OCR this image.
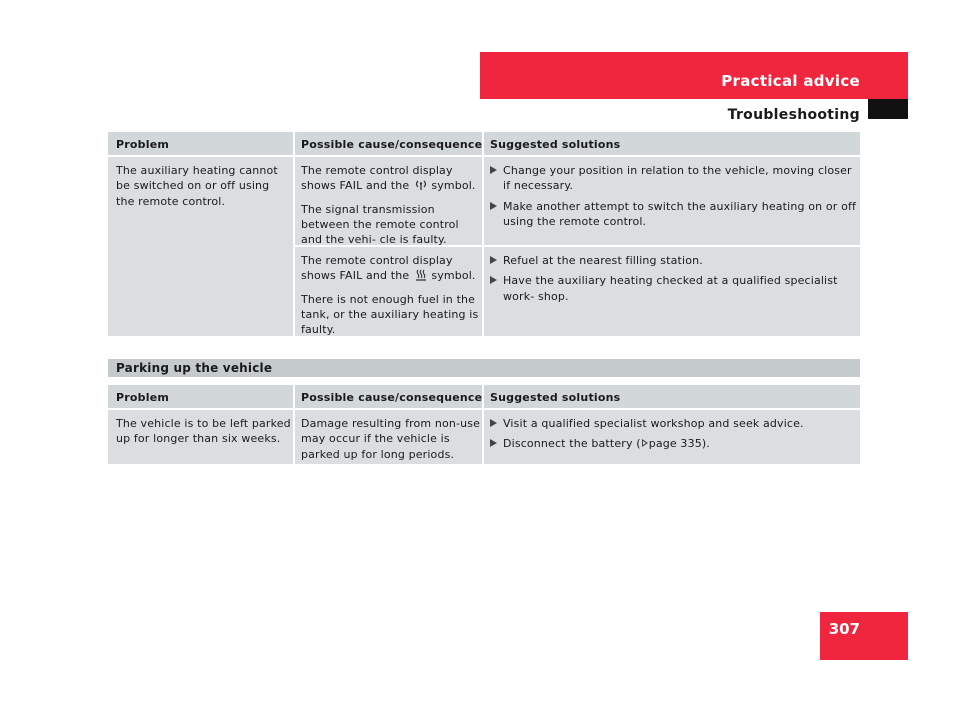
Practical advice
Troubleshooting
Problem	Possible cause/consequence Suggested solutions
The auxiliary heating cannot be switched on or off using the remote control.

The remote control display shows FAIL and the symbol.

The signal transmission between the remote control and the vehi- cle is faulty.

Change your position in relation to the vehicle, moving closer if necessary.
Make another attempt to switch the auxiliary heating on or off using the remote control.

The remote control display shows FAIL and the symbol.

There is not enough fuel in the tank, or the auxiliary heating is faulty.

Refuel at the nearest filling station.
Have the auxiliary heating checked at a qualified specialist work- shop.
Parking up the vehicle
Problem	Possible cause/consequence Suggested solutions
The vehicle is to be left parked up for longer than six weeks.
Damage resulting from non-use may occur if the vehicle is parked up for long periods.
Visit a qualified specialist workshop and seek advice.
Disconnect the battery ( page 335).
307
